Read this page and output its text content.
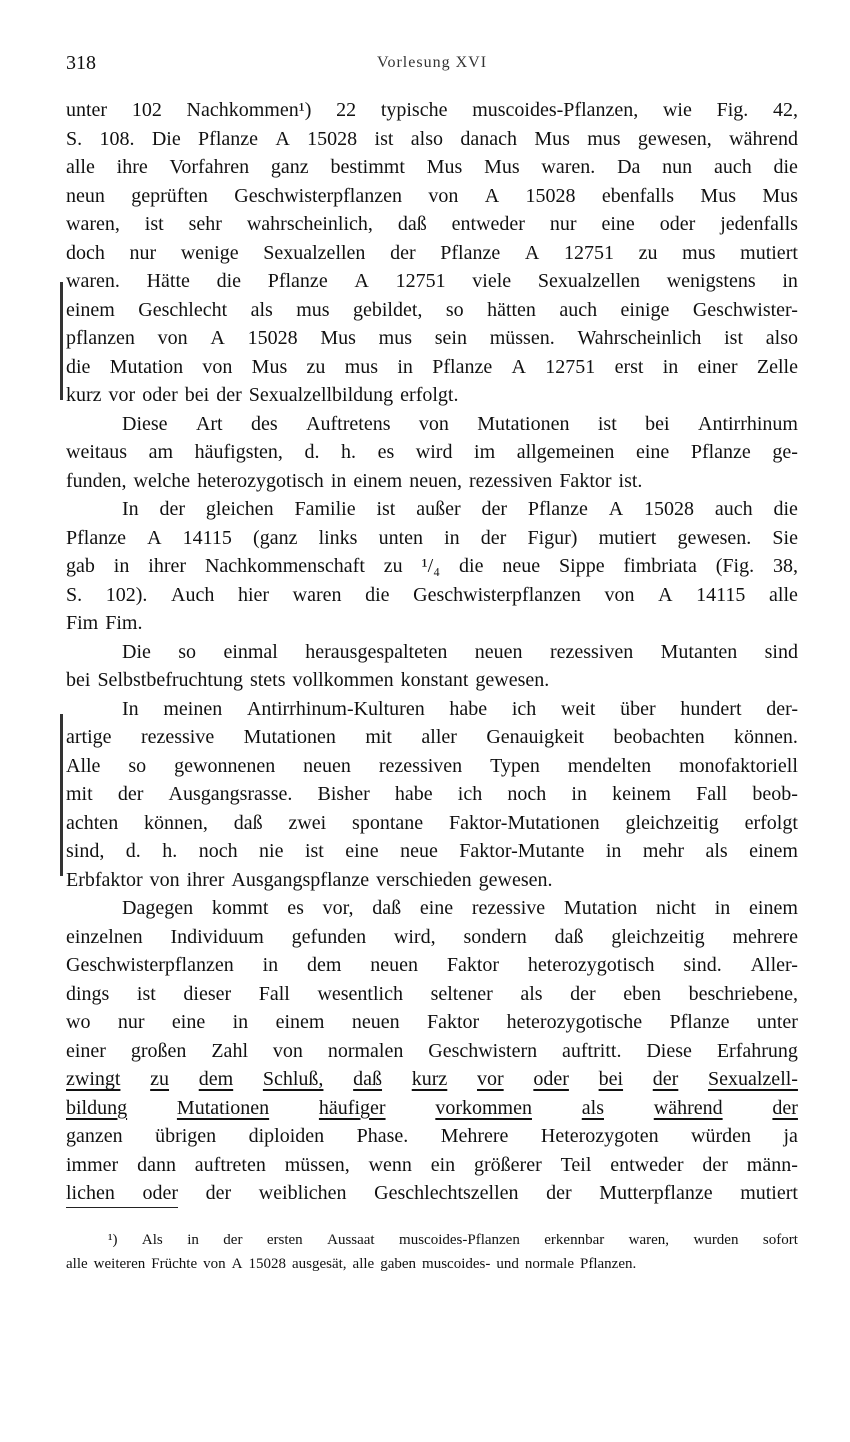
318	Vorlesung XVI
unter 102 Nachkommen¹) 22 typische muscoides-Pflanzen, wie Fig. 42,
S. 108. Die Pflanze A 15028 ist also danach Mus mus gewesen, während
alle ihre Vorfahren ganz bestimmt Mus Mus waren. Da nun auch die
neun geprüften Geschwisterpflanzen von A 15028 ebenfalls Mus Mus
waren, ist sehr wahrscheinlich, daß entweder nur eine oder jedenfalls
doch nur wenige Sexualzellen der Pflanze A 12751 zu mus mutiert
waren. Hätte die Pflanze A 12751 viele Sexualzellen wenigstens in
einem Geschlecht als mus gebildet, so hätten auch einige Geschwister-
pflanzen von A 15028 Mus mus sein müssen. Wahrscheinlich ist also
die Mutation von Mus zu mus in Pflanze A 12751 erst in einer Zelle
kurz vor oder bei der Sexualzellbildung erfolgt.
Diese Art des Auftretens von Mutationen ist bei Antirrhinum
weitaus am häufigsten, d. h. es wird im allgemeinen eine Pflanze ge-
funden, welche heterozygotisch in einem neuen, rezessiven Faktor ist.
In der gleichen Familie ist außer der Pflanze A 15028 auch die
Pflanze A 14115 (ganz links unten in der Figur) mutiert gewesen. Sie
gab in ihrer Nachkommenschaft zu ¹/₄ die neue Sippe fimbriata (Fig. 38,
S. 102). Auch hier waren die Geschwisterpflanzen von A 14115 alle
Fim Fim.
Die so einmal herausgespalteten neuen rezessiven Mutanten sind
bei Selbstbefruchtung stets vollkommen konstant gewesen.
In meinen Antirrhinum-Kulturen habe ich weit über hundert der-
artige rezessive Mutationen mit aller Genauigkeit beobachten können.
Alle so gewonnenen neuen rezessiven Typen mendelten monofaktoriell
mit der Ausgangsrasse. Bisher habe ich noch in keinem Fall beob-
achten können, daß zwei spontane Faktor-Mutationen gleichzeitig erfolgt
sind, d. h. noch nie ist eine neue Faktor-Mutante in mehr als einem
Erbfaktor von ihrer Ausgangspflanze verschieden gewesen.
Dagegen kommt es vor, daß eine rezessive Mutation nicht in einem
einzelnen Individuum gefunden wird, sondern daß gleichzeitig mehrere
Geschwisterpflanzen in dem neuen Faktor heterozygotisch sind. Aller-
dings ist dieser Fall wesentlich seltener als der eben beschriebene,
wo nur eine in einem neuen Faktor heterozygotische Pflanze unter
einer großen Zahl von normalen Geschwistern auftritt. Diese Erfahrung
zwingt zu dem Schluß, daß kurz vor oder bei der Sexualzell-
bildung Mutationen häufiger vorkommen als während der
ganzen übrigen diploiden Phase. Mehrere Heterozygoten würden ja
immer dann auftreten müssen, wenn ein größerer Teil entweder der männ-
lichen oder der weiblichen Geschlechtszellen der Mutterpflanze mutiert
¹) Als in der ersten Aussaat muscoides-Pflanzen erkennbar waren, wurden sofort
alle weiteren Früchte von A 15028 ausgesät, alle gaben muscoides- und normale Pflanzen.
